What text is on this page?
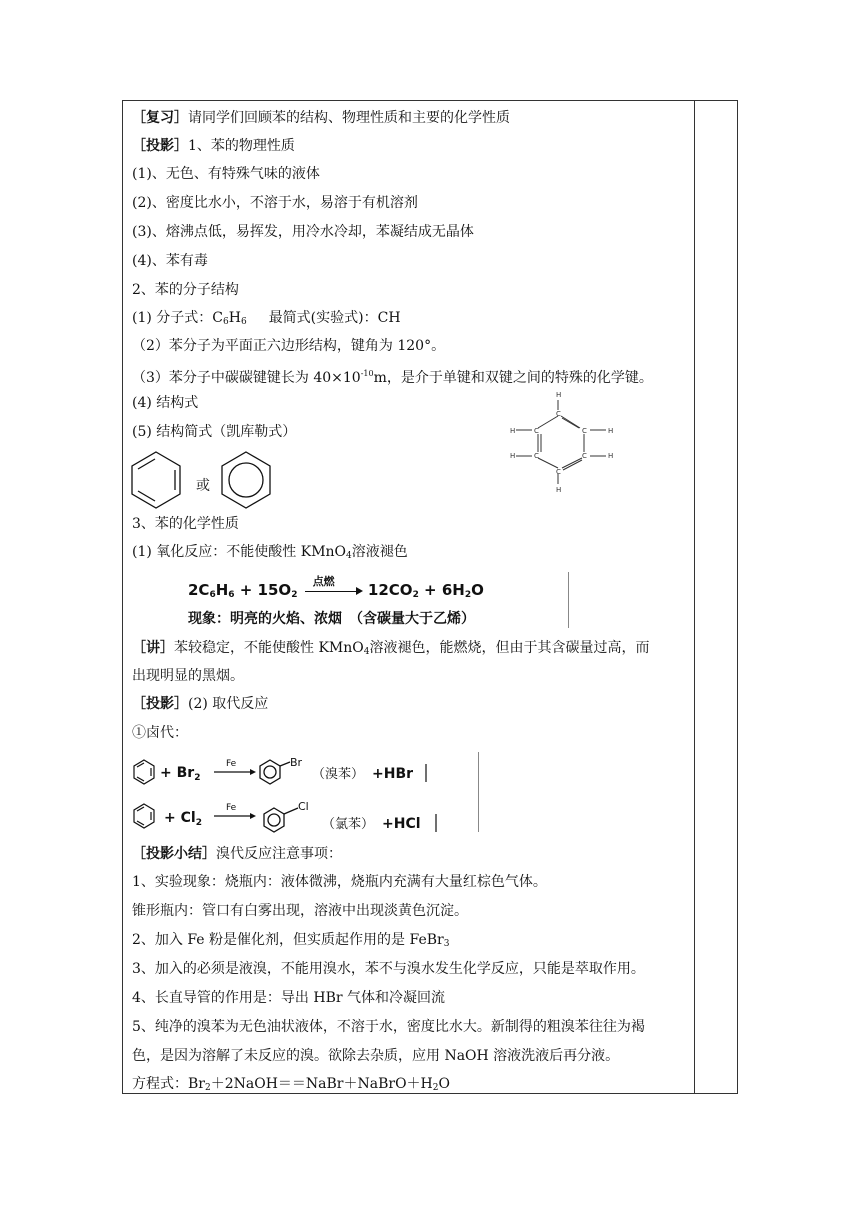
［复习］请同学们回顾苯的结构、物理性质和主要的化学性质
［投影］1、苯的物理性质
(1)、无色、有特殊气味的液体
(2)、密度比水小，不溶于水，易溶于有机溶剂
(3)、熔沸点低，易挥发，用冷水冷却，苯凝结成无晶体
(4)、苯有毒
2、苯的分子结构
(1) 分子式：$C_6H_6$ 最简式(实验式)：CH
（2）苯分子为平面正六边形结构，键角为 120°。
（3）苯分子中碳碳键键长为 $40\times 10^{-10}m$，是介于单键和双键之间的特殊的化学键。
(4) 结构式
(5) 结构简式（凯库勒式）
或
H
C
C	C
C	C
C
H	H
H	H
H
3、苯的化学性质
(1) 氧化反应：不能使酸性 KMnO$_4$溶液褪色
$2C_6H_6 + 15O_2$
点燃 $12CO_2 + 6H_2O$
现象：明亮的火焰、浓烟　（含碳量大于乙烯）
［讲］苯较稳定，不能使酸性 KMnO$_4$溶液褪色，能燃烧，但由于其含碳量过高，而
出现明显的黑烟。
［投影］(2) 取代反应
①卤代：
+ $Br_2$
Fe	Br
（溴苯） +HBr
+ $Cl_2$
Fe	Cl
（氯苯） +HCl
［投影小结］溴代反应注意事项：
1、实验现象：烧瓶内：液体微沸，烧瓶内充满有大量红棕色气体。
锥形瓶内：管口有白雾出现，溶液中出现淡黄色沉淀。
2、加入 Fe 粉是催化剂，但实质起作用的是 FeBr$_3$
3、加入的必须是液溴，不能用溴水，苯不与溴水发生化学反应，只能是萃取作用。
4、长直导管的作用是：导出 HBr 气体和冷凝回流
5、纯净的溴苯为无色油状液体，不溶于水，密度比水大。新制得的粗溴苯往往为褐
色，是因为溶解了未反应的溴。欲除去杂质，应用 NaOH 溶液洗液后再分液。
方程式：$Br_2+2NaOH==NaBr+NaBrO+H_2O$
